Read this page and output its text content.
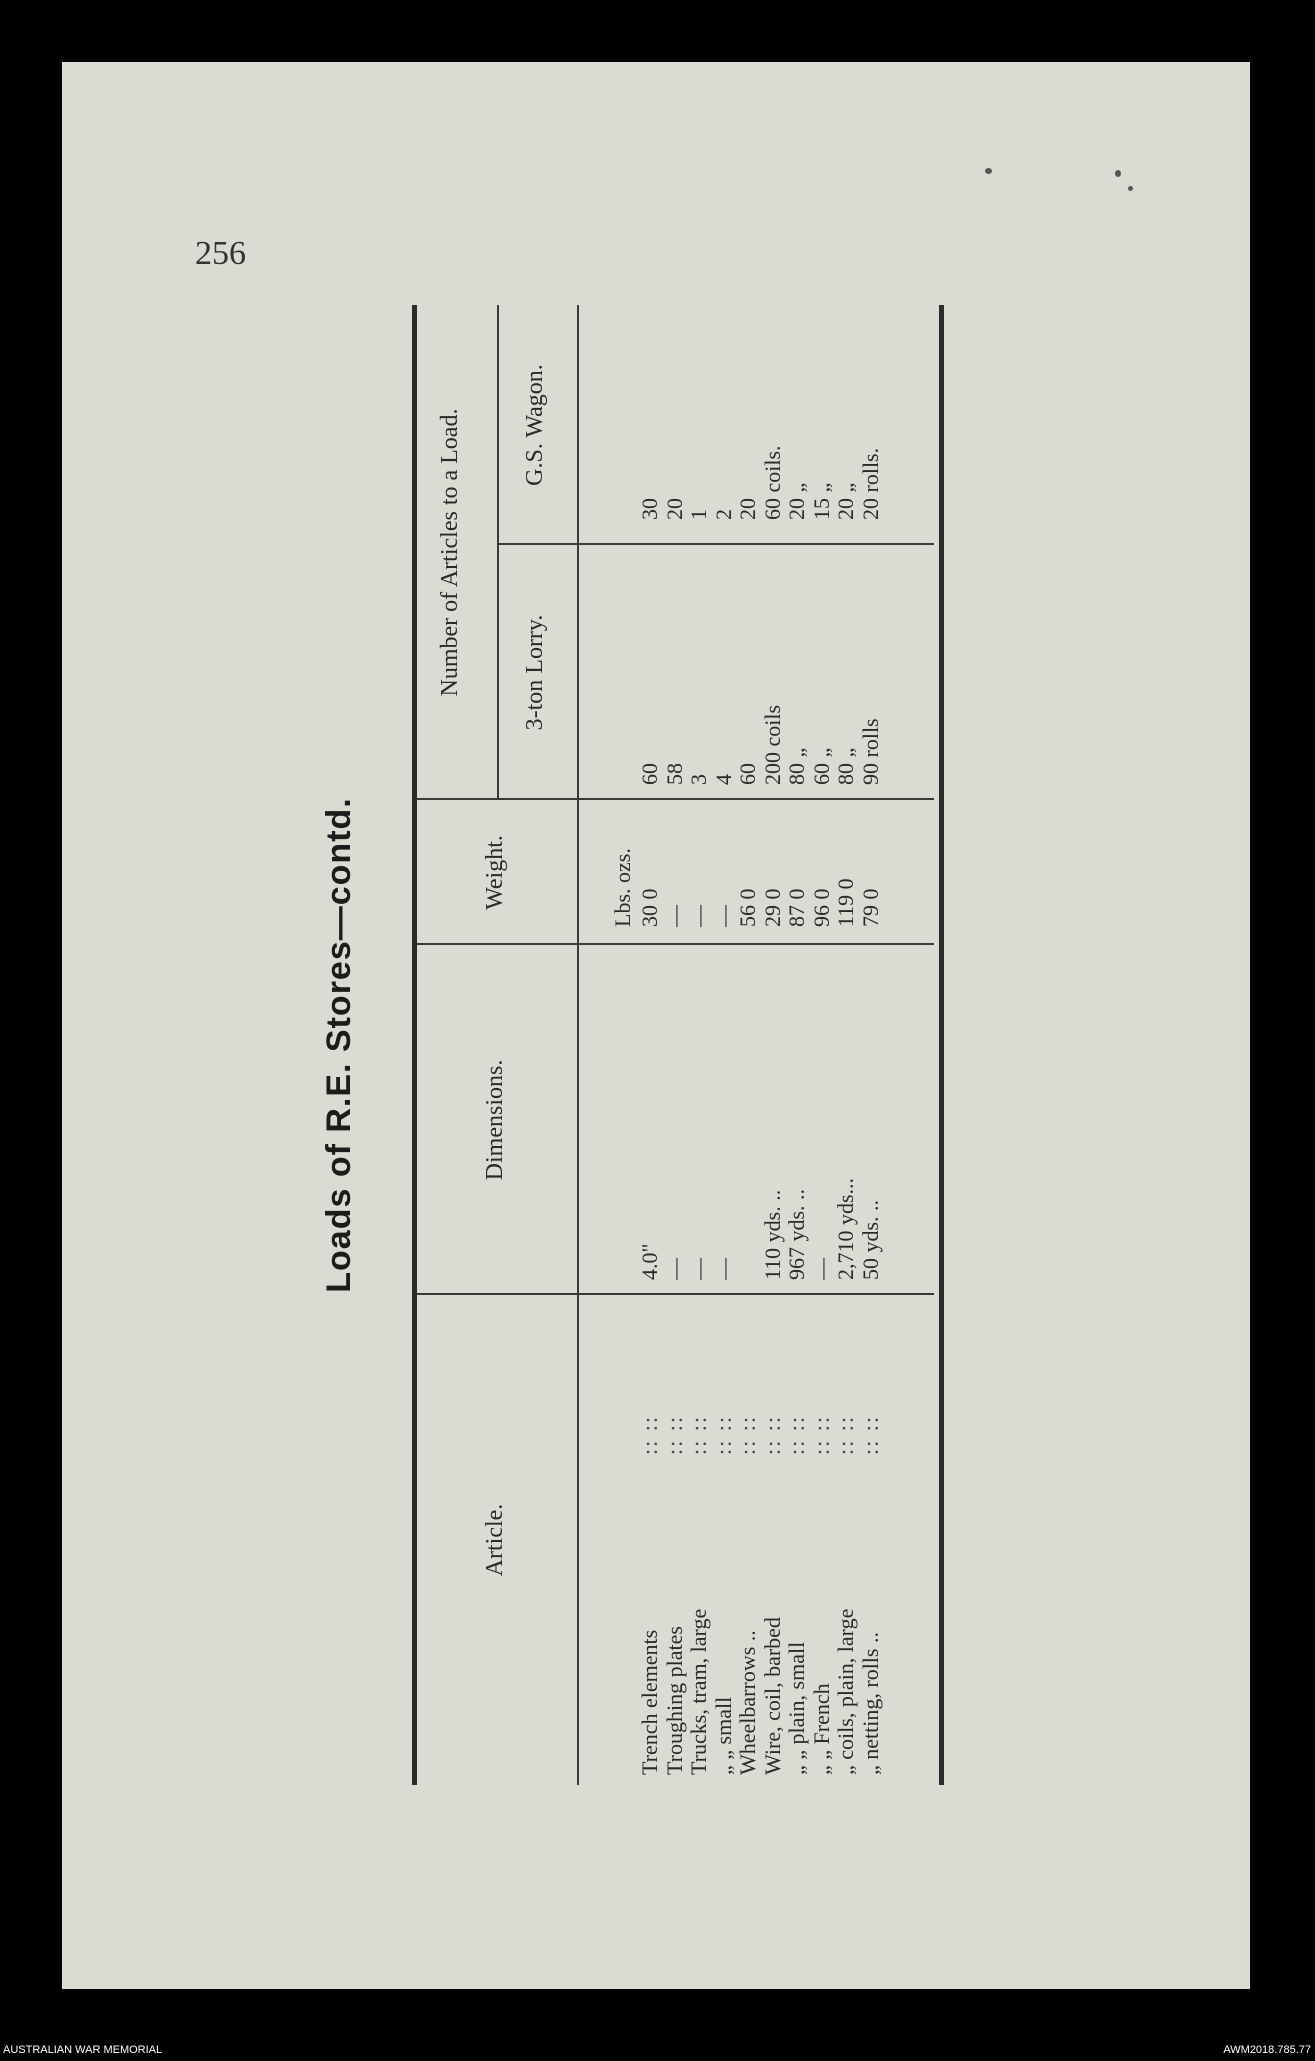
256
Loads of R.E. Stores—contd.
Article.
Dimensions.
Weight.
Number of Articles to a Load. 3-ton Lorry.
G.S. Wagon.
Lbs. ozs.
Trench elements
:: ::
4.0"
30 0
60
30
Troughing plates
:: ::
—
—
58
20
Trucks, tram, large
:: ::
—
—
3
1
„ „ small
:: ::
—
—
4
2
Wheelbarrows ..
:: ::
56 0
60
20
Wire, coil, barbed
:: ::
110 yds. ..
29 0
200 coils
60 coils.
„ „ plain, small
:: ::
967 yds. ..
87 0
80 „
20 „
„ „ French
:: ::
—
96 0
60 „
15 „
„ coils, plain, large
:: ::
2,710 yds...
119 0
80 „
20 „
„ netting, rolls ..
:: ::
50 yds. ..
79 0
90 rolls
20 rolls.
AUSTRALIAN WAR MEMORIAL	AWM2018.785.77
